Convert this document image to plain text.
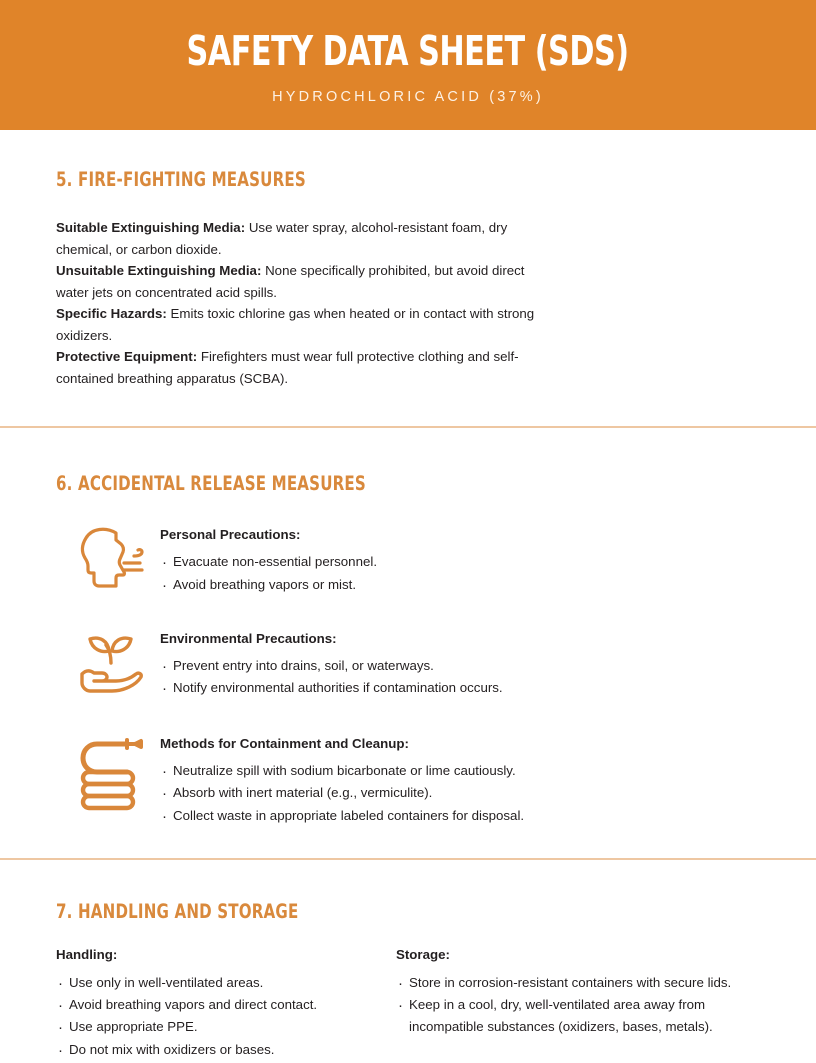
SAFETY DATA SHEET (SDS)
HYDROCHLORIC ACID (37%)
5. FIRE-FIGHTING MEASURES

Suitable Extinguishing Media: Use water spray, alcohol-resistant foam, dry chemical, or carbon dioxide.
Unsuitable Extinguishing Media: None specifically prohibited, but avoid direct water jets on concentrated acid spills.
Specific Hazards: Emits toxic chlorine gas when heated or in contact with strong oxidizers.
Protective Equipment: Firefighters must wear full protective clothing and self-contained breathing apparatus (SCBA).

6. ACCIDENTAL RELEASE MEASURES
Personal Precautions:
· Evacuate non-essential personnel.
· Avoid breathing vapors or mist.
Environmental Precautions:
· Prevent entry into drains, soil, or waterways.
· Notify environmental authorities if contamination occurs.
Methods for Containment and Cleanup:
· Neutralize spill with sodium bicarbonate or lime cautiously.
· Absorb with inert material (e.g., vermiculite).
· Collect waste in appropriate labeled containers for disposal.
7. HANDLING AND STORAGE
Handling:
· Use only in well-ventilated areas.
· Avoid breathing vapors and direct contact.
· Use appropriate PPE.
· Do not mix with oxidizers or bases.
Storage:
· Store in corrosion-resistant containers with secure lids.
· Keep in a cool, dry, well-ventilated area away from incompatible substances (oxidizers, bases, metals).
